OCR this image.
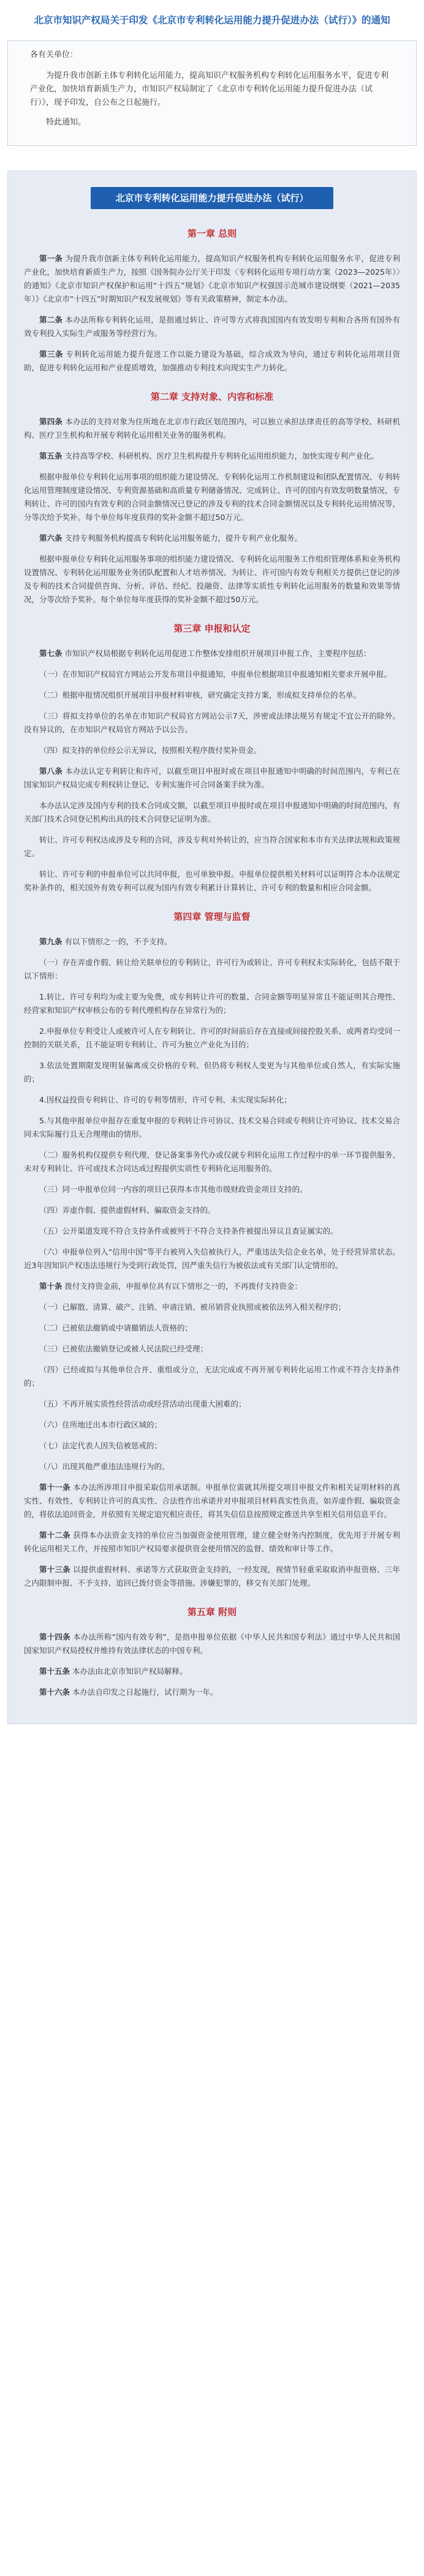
北京市知识产权局关于印发《北京市专利转化运用能力提升促进办法（试行）》的通知

各有关单位：

为提升我市创新主体专利转化运用能力，提高知识产权服务机构专利转化运用服务水平，促进专利产业化，加快培育新质生产力，市知识产权局制定了《北京市专利转化运用能力提升促进办法（试行）》，现予印发，自公布之日起施行。

特此通知。

北京市专利转化运用能力提升促进办法（试行）
第一章 总则

第一条 为提升我市创新主体专利转化运用能力，提高知识产权服务机构专利转化运用服务水平，促进专利产业化，加快培育新质生产力，按照《国务院办公厅关于印发〈专利转化运用专项行动方案（2023—2025年）〉的通知》《北京市知识产权保护和运用“十四五”规划》《北京市知识产权强国示范城市建设纲要（2021—2035年）》《北京市“十四五”时期知识产权发展规划》等有关政策精神，制定本办法。

第二条 本办法所称专利转化运用，是指通过转让、许可等方式将我国国内有效发明专利和合各所有国外有效专利投入实际生产或服务等经营行为。

第三条 专利转化运用能力提升促进工作以能力建设为基础，综合成效为导向，通过专利转化运用项目资助，促进专利转化运用和产业提质增效，加强推动专利技术向现实生产力转化。

第二章 支持对象、内容和标准

第四条 本办法的支持对象为住所地在北京市行政区划范围内，可以独立承担法律责任的高等学校、科研机构、医疗卫生机构和开展专利转化运用相关业务的服务机构。

第五条 支持高等学校、科研机构、医疗卫生机构提升专利转化运用组织能力，加快实现专利产业化。

根据申报单位专利转化运用事项的组织能力建设情况、专利转化运用工作机制建设和团队配置情况、专利转化运用管理制度建设情况、专利资源基础和高质量专利储备情况、完成转让、许可的国内有效发明数量情况，专利转让、许可的国内有效专利的合同金额情况已登记的涉及专利的技术合同金额情况以及专利转化运用情况等，分等次给予奖补。每个单位每年度获得的奖补金额不超过50万元。

第六条 支持专利服务机构提高专利转化运用服务能力，提升专利产业化服务。

根据申报单位专利转化运用服务事项的组织能力建设情况、专利转化运用服务工作组织管理体系和业务机构设置情况、专利转化运用服务业务团队配置和人才培养情况、为转让、许可国内有效专利相关方提供已登记的涉及专利的技术合同提供咨询、分析、评估、经纪、投融资、法律等实质性专利转化运用服务的数量和效果等情况，分等次给予奖补。每个单位每年度获得的奖补金额不超过50万元。

第三章 申报和认定

第七条 市知识产权局根据专利转化运用促进工作整体安排组织开展项目申报工作，主要程序包括：

（一）在市知识产权局官方网站公开发布项目申报通知，申报单位根据项目申报通知相关要求开展申报。

（二）根据申报情况组织开展项目申报材料审核，研究确定支持方案，形成拟支持单位的名单。

（三）将拟支持单位的名单在市知识产权局官方网站公示7天，涉密或法律法规另有规定不宜公开的除外。没有异议的，在市知识产权局官方网站予以公告。

（四）拟支持的单位经公示无异议，按照相关程序拨付奖补资金。

第八条 本办法认定专利转让和许可，以截至项目申报时或在项目申报通知中明确的时间范围内，专利已在国家知识产权局完成专利权转让登记、专利实施许可合同备案手续为准。

本办法认定涉及国内专利的技术合同成交额，以截至项目申报时或在项目申报通知中明确的时间范围内，有关部门技术合同登记机构出具的技术合同登记证明为准。

转让、许可专利权达成涉及专利的合同，涉及专利对外转让的，应当符合国家和本市有关法律法规和政策规定。

转让、许可专利的申报单位可以共同申报，也可单独申报。申报单位提供相关材料可以证明符合本办法规定奖补条件的，相关国外有效专利可以视为国内有效专利累计计算转让、许可专利的数量和相应合同金额。

第四章 管理与监督

第九条 有以下情形之一的，不予支持。

（一）存在弄虚作假、转让给关联单位的专利转让，许可行为或转让、许可专利权未实际转化，包括不限于以下情形：

1.转让、许可专利均为或主要为免费，或专利转让许可的数量、合同金额等明显异常且不能证明其合理性、经营家和知识产权审核公布的专利代理机构存在异常行为的；

2.申报单位专利受让人或被许可人在专利转让、许可的时间前后存在直接或间接控股关系、或两者均受同一控制的关联关系，且不能证明专利转让、许可为独立产业化为目的；

3.依法处置期限发现明显偏离成交价格的专利、但仍将专利权人变更为与其他单位或自然人，有实际实施的；

4.因权益投资专利转让、许可的专利等情形，许可专利、未实现实际转化；

5.与其他申报单位申报存在重复申报的专利转让许可协议、技术交易合同或专利转让许可协议、技术交易合同未实际履行且无合理理由的情形。

（二）服务机构仅提供专利代理、登记备案事务代办或仅就专利转化运用工作过程中的单一环节提供服务、未对专利转让、许可或技术合同达成过程提供实质性专利转化运用服务的。

（三）同一申报单位同一内容的项目已获得本市其他市级财政资金项目支持的。

（四）弄虚作假、提供虚假材料、骗取资金支持的。

（五）公开渠道发现不符合支持条件或被列于不符合支持条件被提出异议且查证属实的。

（六）申报单位列入“信用中国”等平台被列入失信被执行人，严重违法失信企业名单，处于经营异常状态。近3年因知识产权违法违规行为受到行政处罚，因严重失信行为被依法或有关部门认定情形的。

第十条 拨付支持资金前，申报单位具有以下情形之一的，不再拨付支持资金：

（一）已解散、清算、破产、注销、申请注销、被吊销营业执照或被依法列入相关程序的；

（二）已被依法撤销或中请撤销法人资格的；

（三）已被依法撤销登记或被人民法院已经受理；

（四）已经或拟与其他单位合并、重组或分立，无法完成或不再开展专利转化运用工作或不符合支持条件的；

（五）不再开展实质性经营活动或经营活动出现重大困难的；

（六）住所地迁出本市行政区域的；

（七）法定代表人因失信被惩戒的；

（八）出现其他严重违法违规行为的。

第十一条 本办法所涉项目申报采取信用承诺制。申报单位需就其所提交项目申报文件和相关证明材料的真实性、有效性、专利转让许可的真实性、合法性作出承诺并对申报项目材料真实性负责。如弄虚作假、骗取资金的，将依法追回资金，并依照有关规定追究相应责任，将其失信信息按照规定推送共享至相关信用信息平台。

第十二条 获得本办法资金支持的单位应当加强资金使用管理，建立健全财务内控制度，优先用于开展专利转化运用相关工作，并按照市知识产权局要求提供资金使用情况的监督、绩效和审计等工作。

第十三条 以提供虚假材料、承诺等方式获取资金支持的，一经发现，视情节轻重采取取消申报资格、三年之内限制申报、不予支持、追回已拨付资金等措施。涉嫌犯罪的，移交有关部门处理。

第五章 附则

第十四条 本办法所称“国内有效专利”，是指申报单位依据《中华人民共和国专利法》通过中华人民共和国国家知识产权局授权并维持有效法律状态的中国专利。

第十五条 本办法由北京市知识产权局解释。

第十六条 本办法自印发之日起施行，试行期为一年。
